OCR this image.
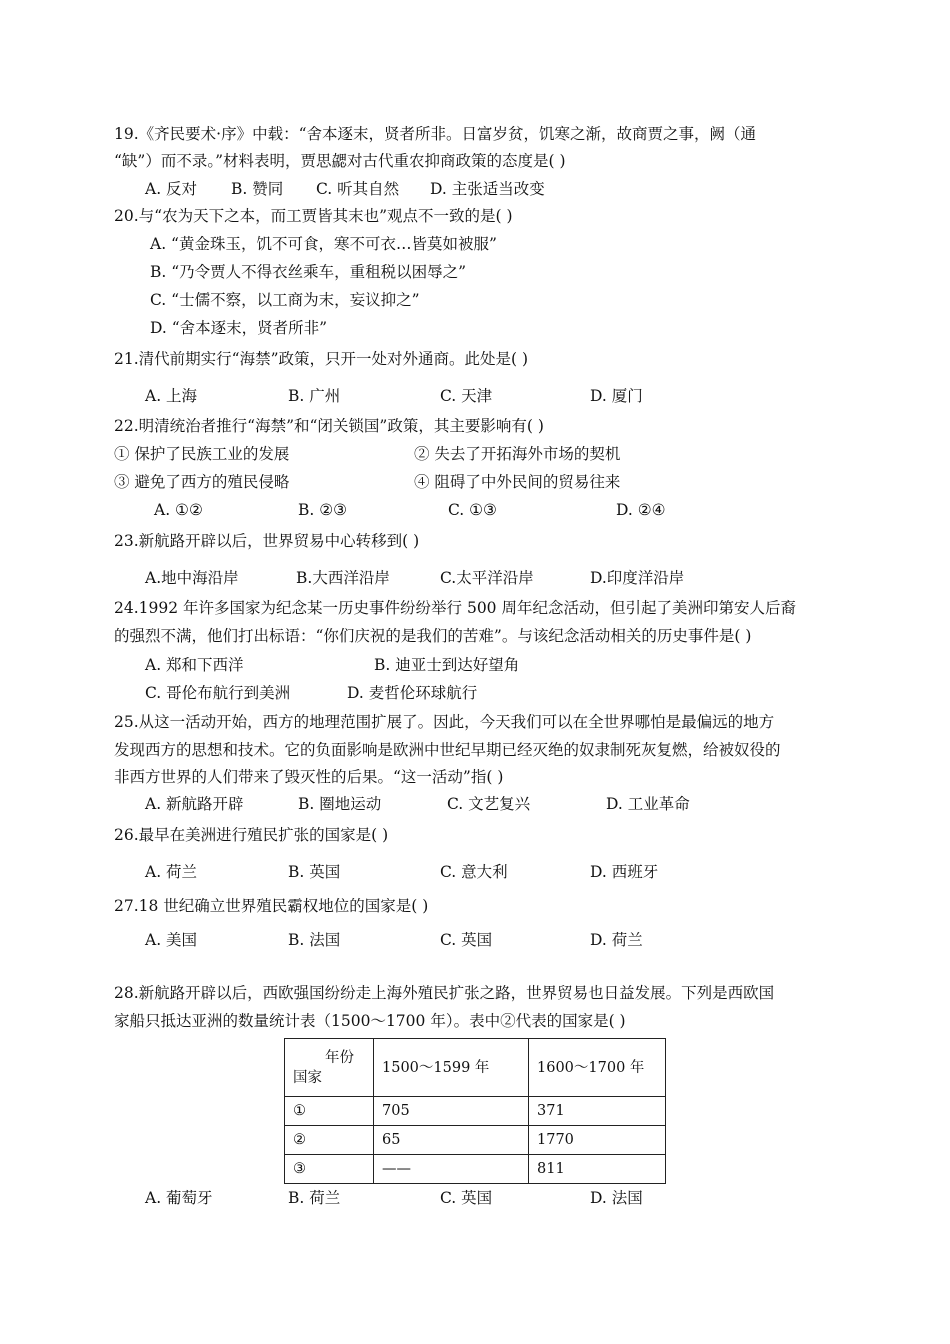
19.《齐民要术·序》中载：“舍本逐末，贤者所非。日富岁贫，饥寒之渐，故商贾之事，阙（通
“缺”）而不录。”材料表明，贾思勰对古代重农抑商政策的态度是( )
A. 反对 B. 赞同 C. 听其自然 D. 主张适当改变
20.与“农为天下之本，而工贾皆其末也”观点不一致的是( )
A. “黄金珠玉，饥不可食，寒不可衣…皆莫如被服”
B. “乃令贾人不得衣丝乘车，重租税以困辱之”
C. “士儒不察，以工商为末，妄议抑之”
D. “舍本逐末，贤者所非”
21.清代前期实行“海禁”政策，只开一处对外通商。此处是( )
A. 上海	B. 广州	C. 天津	D. 厦门
22.明清统治者推行“海禁”和“闭关锁国”政策，其主要影响有( )
① 保护了民族工业的发展	② 失去了开拓海外市场的契机
③ 避免了西方的殖民侵略	④ 阻碍了中外民间的贸易往来
A. ①②	B. ②③	C. ①③	D. ②④
23.新航路开辟以后，世界贸易中心转移到( )
A.地中海沿岸	B.大西洋沿岸	C.太平洋沿岸	D.印度洋沿岸
24.1992 年许多国家为纪念某一历史事件纷纷举行 500 周年纪念活动，但引起了美洲印第安人后裔
的强烈不满，他们打出标语：“你们庆祝的是我们的苦难”。与该纪念活动相关的历史事件是( )
A. 郑和下西洋	B. 迪亚士到达好望角
C. 哥伦布航行到美洲	D. 麦哲伦环球航行
25.从这一活动开始，西方的地理范围扩展了。因此，今天我们可以在全世界哪怕是最偏远的地方
发现西方的思想和技术。它的负面影响是欧洲中世纪早期已经灭绝的奴隶制死灰复燃，给被奴役的
非西方世界的人们带来了毁灭性的后果。“这一活动”指( )
A. 新航路开辟	B. 圈地运动	C. 文艺复兴	D. 工业革命
26.最早在美洲进行殖民扩张的国家是( )
A. 荷兰	B. 英国	C. 意大利	D. 西班牙
27.18 世纪确立世界殖民霸权地位的国家是( )
A. 美国	B. 法国	C. 英国	D. 荷兰
28.新航路开辟以后，西欧强国纷纷走上海外殖民扩张之路，世界贸易也日益发展。下列是西欧国
家船只抵达亚洲的数量统计表（1500～1700 年）。表中②代表的国家是( )
年份
国家	1500～1599 年	1600～1700 年
①	705	371
②	65	1770
③	——	811
A. 葡萄牙	B. 荷兰	C. 英国	D. 法国
